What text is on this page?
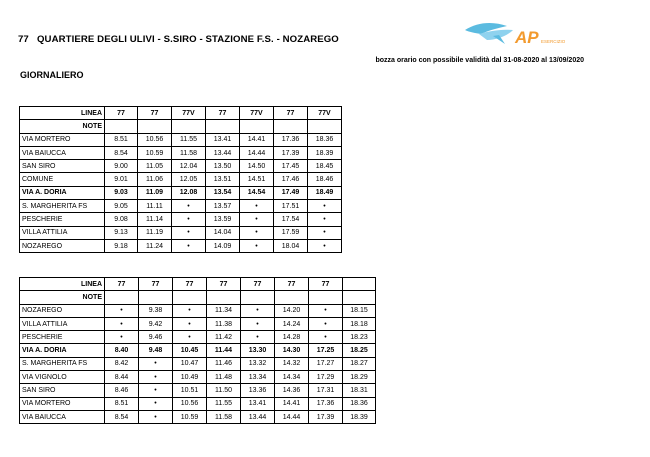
77 QUARTIERE DEGLI ULIVI - S.SIRO - STAZIONE F.S. - NOZAREGO	AP ESERCIZIO
bozza orario con possibile validità dal 31-08-2020 al 13/09/2020
GIORNALIERO
LINEA	77	77	77V	77	77V	77	77V
NOTE							
VIA MORTERO	8.51	10.56	11.55	13.41	14.41	17.36	18.36
VIA BAIUCCA	8.54	10.59	11.58	13.44	14.44	17.39	18.39
SAN SIRO	9.00	11.05	12.04	13.50	14.50	17.45	18.45
COMUNE	9.01	11.06	12.05	13.51	14.51	17.46	18.46
VIA A. DORIA	9.03	11.09	12.08	13.54	14.54	17.49	18.49
S. MARGHERITA FS	9.05	11.11	•	13.57	•	17.51	•
PESCHERIE	9.08	11.14	•	13.59	•	17.54	•
VILLA ATTILIA	9.13	11.19	•	14.04	•	17.59	•
NOZAREGO	9.18	11.24	•	14.09	•	18.04	•
LINEA	77	77	77	77	77	77	77	
NOTE								
NOZAREGO	•	9.38	•	11.34	•	14.20	•	18.15
VILLA ATTILIA	•	9.42	•	11.38	•	14.24	•	18.18
PESCHERIE	•	9.46	•	11.42	•	14.28	•	18.23
VIA A. DORIA	8.40	9.48	10.45	11.44	13.30	14.30	17.25	18.25
S. MARGHERITA FS	8.42	•	10.47	11.46	13.32	14.32	17.27	18.27
VIA VIGNOLO	8.44	•	10.49	11.48	13.34	14.34	17.29	18.29
SAN SIRO	8.46	•	10.51	11.50	13.36	14.36	17.31	18.31
VIA MORTERO	8.51	•	10.56	11.55	13.41	14.41	17.36	18.36
VIA BAIUCCA	8.54	•	10.59	11.58	13.44	14.44	17.39	18.39
